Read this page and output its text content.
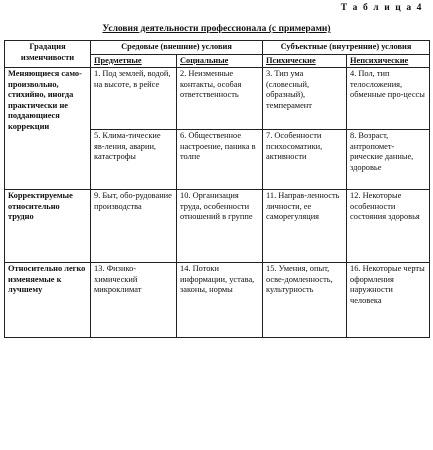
Т а б л и ц а 4
Условия деятельности профессионала (с примерами)
Градация изменчивости	Средовые (внешние) условия		Субъектные (внутренние) условия	
	Предметные	Социальные	Психические	Непсихические
Меняющиеся само-произвольно, стихийно, иногда практически не поддающиеся коррекции	1. Под землей, водой, на высоте, в рейсе	2. Неизменные контакты, особая ответственность	3. Тип ума (словесный, образный), темперамент	4. Пол, тип телосложения, обменные про-цессы
	5. Клима-тические яв-ления, аварии, катастрофы	6. Общественное настроение, паника в толпе	7. Особенности психосоматики, активности	8. Возраст, антропомет-рические данные, здоровье
Корректируемые относительно трудно	9. Быт, обо-рудование производства	10. Организация труда, особенности отношений в группе	11. Направ-ленность личности, ее саморегуляция	12. Некоторые особенности состояния здоровья
Относительно легко изменяемые к лучшему	13. Физико-химический микроклимат	14. Потоки информации, устава, законы, нормы	15. Умения, опыт, осве-домленность, культурность	16. Некоторые черты оформления наружности человека
